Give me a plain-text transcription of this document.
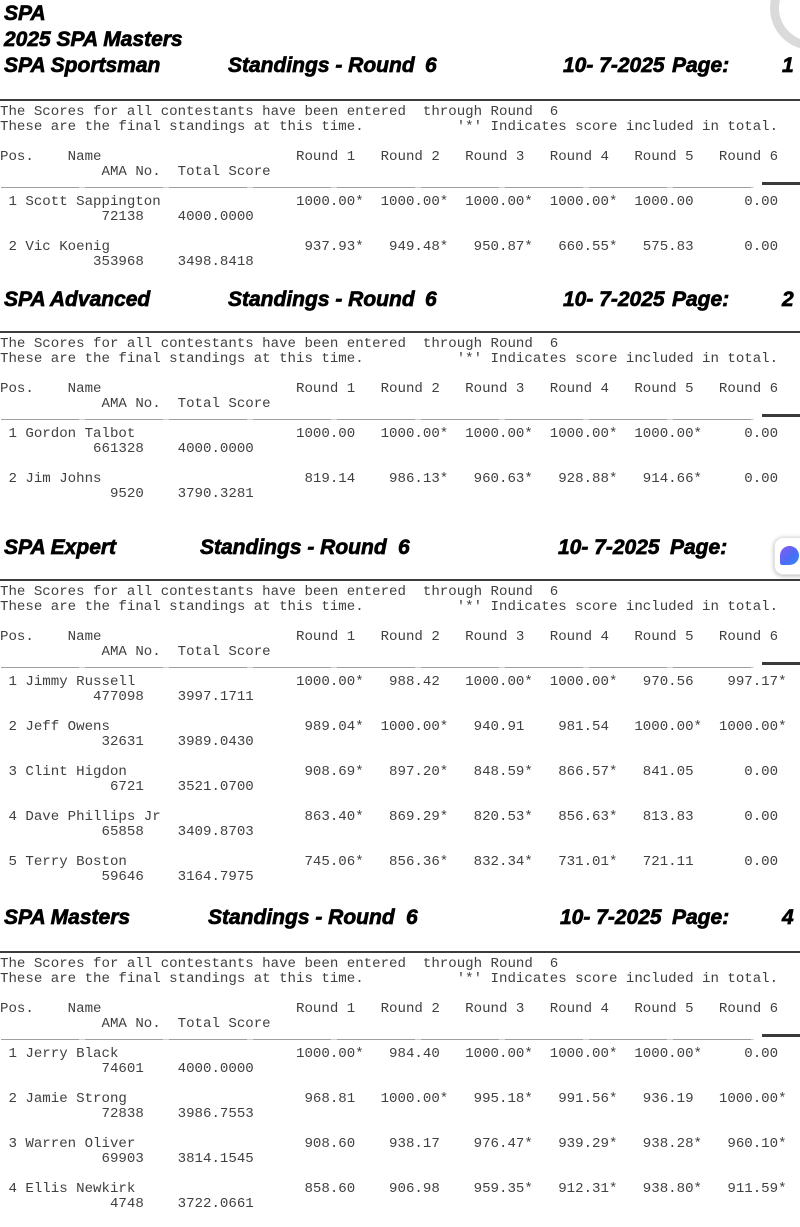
SPA
2025 SPA Masters
SPA Sportsman	Standings - Round 6	10- 7-2025 Page:	1
The Scores for all contestants have been entered  through Round  6
These are the final standings at this time.           '*' Indicates score included in total.

Pos.    Name                       Round 1   Round 2   Round 3   Round 4   Round 5   Round 6
AMA No.  Total Score

1 Scott Sappington                1000.00*  1000.00*  1000.00*  1000.00*  1000.00      0.00
72138    4000.0000

2 Vic Koenig                       937.93*   949.48*   950.87*   660.55*   575.83      0.00
353968    3498.8418

SPA Advanced	Standings - Round 6	10- 7-2025 Page:	2
The Scores for all contestants have been entered  through Round  6
These are the final standings at this time.           '*' Indicates score included in total.

Pos.    Name                       Round 1   Round 2   Round 3   Round 4   Round 5   Round 6
AMA No.  Total Score

1 Gordon Talbot                   1000.00   1000.00*  1000.00*  1000.00*  1000.00*     0.00
661328    4000.0000

2 Jim Johns                        819.14    986.13*   960.63*   928.88*   914.66*     0.00
9520    3790.3281

SPA Expert	Standings - Round 6	10- 7-2025 Page:
The Scores for all contestants have been entered  through Round  6
These are the final standings at this time.           '*' Indicates score included in total.

Pos.    Name                       Round 1   Round 2   Round 3   Round 4   Round 5   Round 6
AMA No.  Total Score

1 Jimmy Russell                   1000.00*   988.42   1000.00*  1000.00*   970.56    997.17*
477098    3997.1711

2 Jeff Owens                       989.04*  1000.00*   940.91    981.54   1000.00*  1000.00*
32631    3989.0430

3 Clint Higdon                     908.69*   897.20*   848.59*   866.57*   841.05      0.00
6721    3521.0700

4 Dave Phillips Jr                 863.40*   869.29*   820.53*   856.63*   813.83      0.00
65858    3409.8703

5 Terry Boston                     745.06*   856.36*   832.34*   731.01*   721.11      0.00
59646    3164.7975

SPA Masters	Standings - Round 6	10- 7-2025 Page:	4
The Scores for all contestants have been entered  through Round  6
These are the final standings at this time.           '*' Indicates score included in total.

Pos.    Name                       Round 1   Round 2   Round 3   Round 4   Round 5   Round 6
AMA No.  Total Score

1 Jerry Black                     1000.00*   984.40   1000.00*  1000.00*  1000.00*     0.00
74601    4000.0000

2 Jamie Strong                     968.81   1000.00*   995.18*   991.56*   936.19   1000.00*
72838    3986.7553

3 Warren Oliver                    908.60    938.17    976.47*   939.29*   938.28*   960.10*
69903    3814.1545

4 Ellis Newkirk                    858.60    906.98    959.35*   912.31*   938.80*   911.59*
4748    3722.0661
